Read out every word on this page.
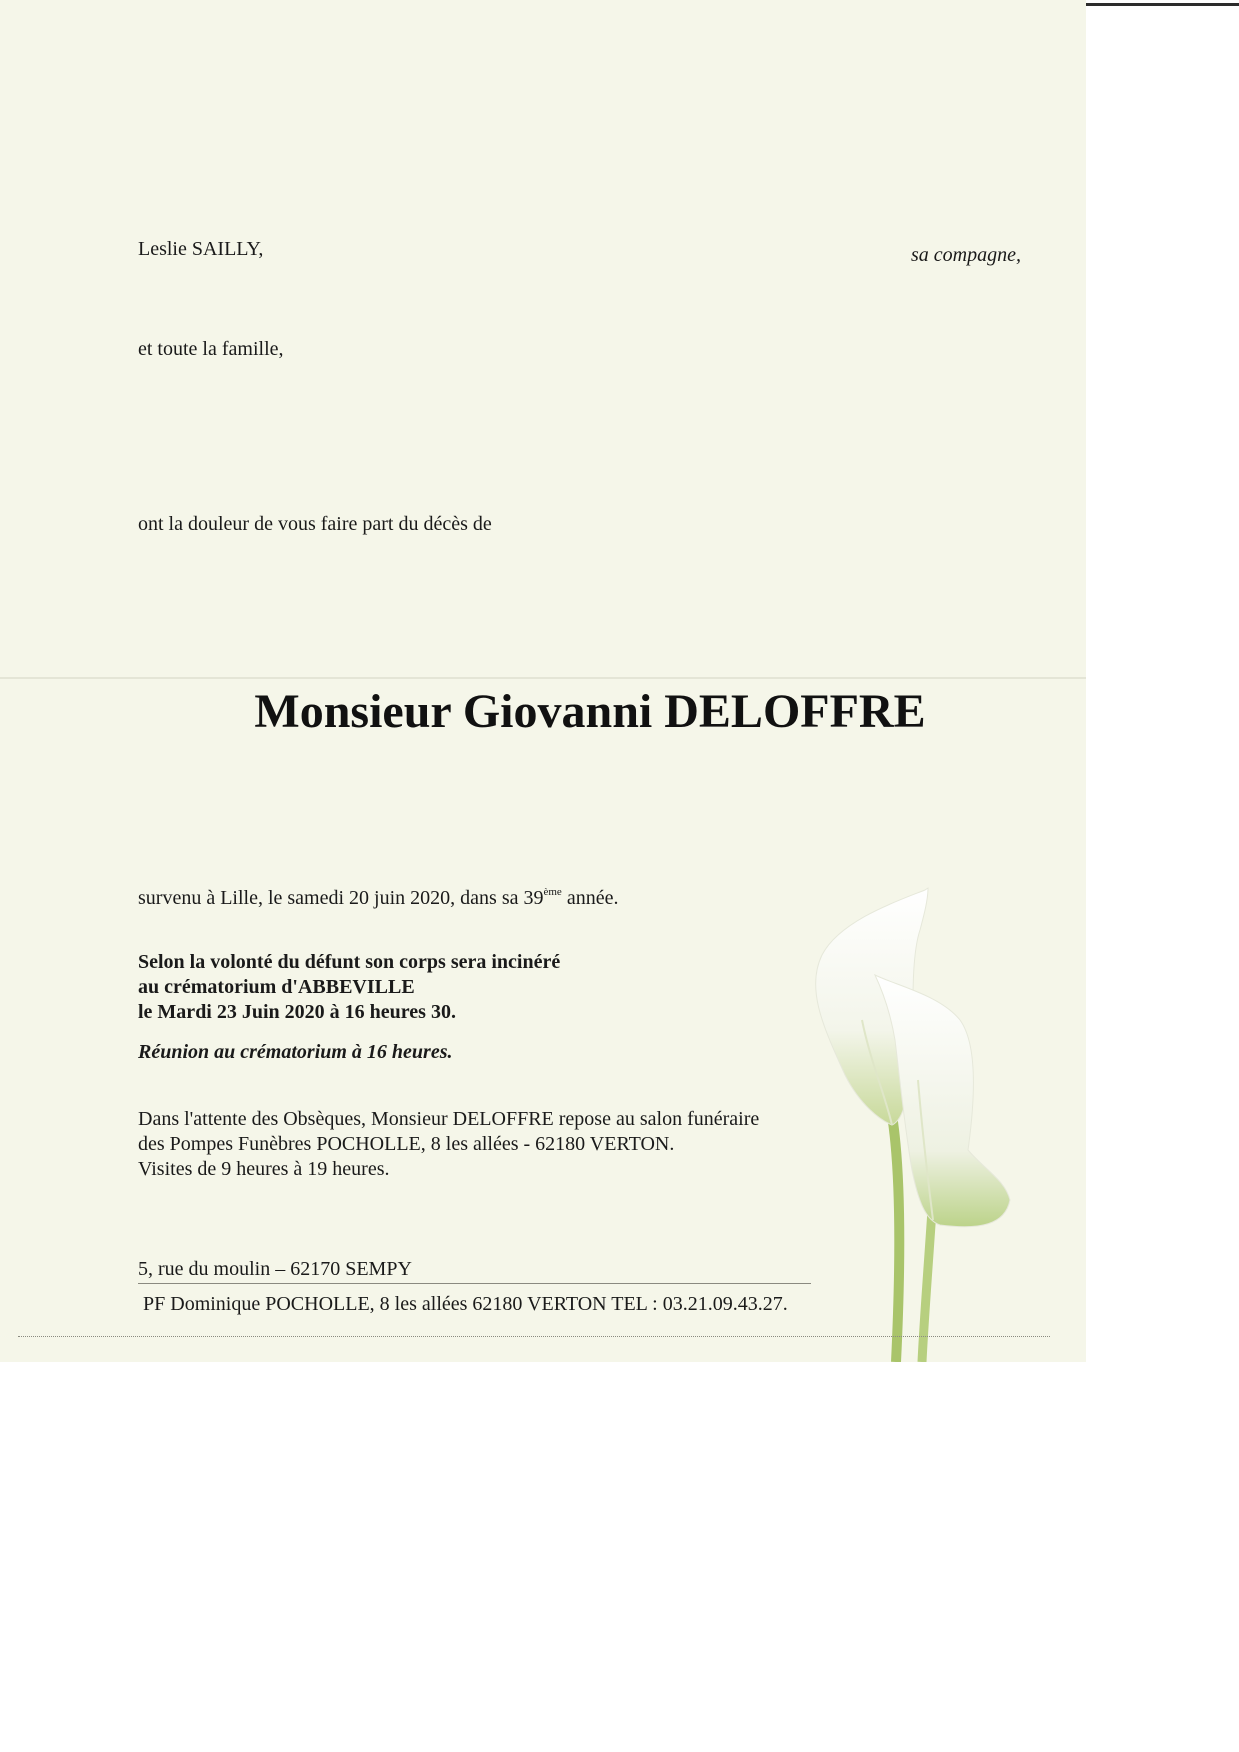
Leslie SAILLY,	sa compagne,
et toute la famille,
ont la douleur de vous faire part du décès de
Monsieur Giovanni DELOFFRE
survenu à Lille, le samedi 20 juin 2020, dans sa 39ème année.
Selon la volonté du défunt son corps sera incinéré
au crématorium d'ABBEVILLE
le Mardi 23 Juin 2020 à 16 heures 30.
Réunion au crématorium à 16 heures.
Dans l'attente des Obsèques, Monsieur DELOFFRE repose au salon funéraire
des Pompes Funèbres POCHOLLE, 8 les allées - 62180 VERTON.
Visites de 9 heures à 19 heures.
5, rue du moulin – 62170 SEMPY
PF Dominique POCHOLLE, 8 les allées 62180 VERTON TEL : 03.21.09.43.27.
